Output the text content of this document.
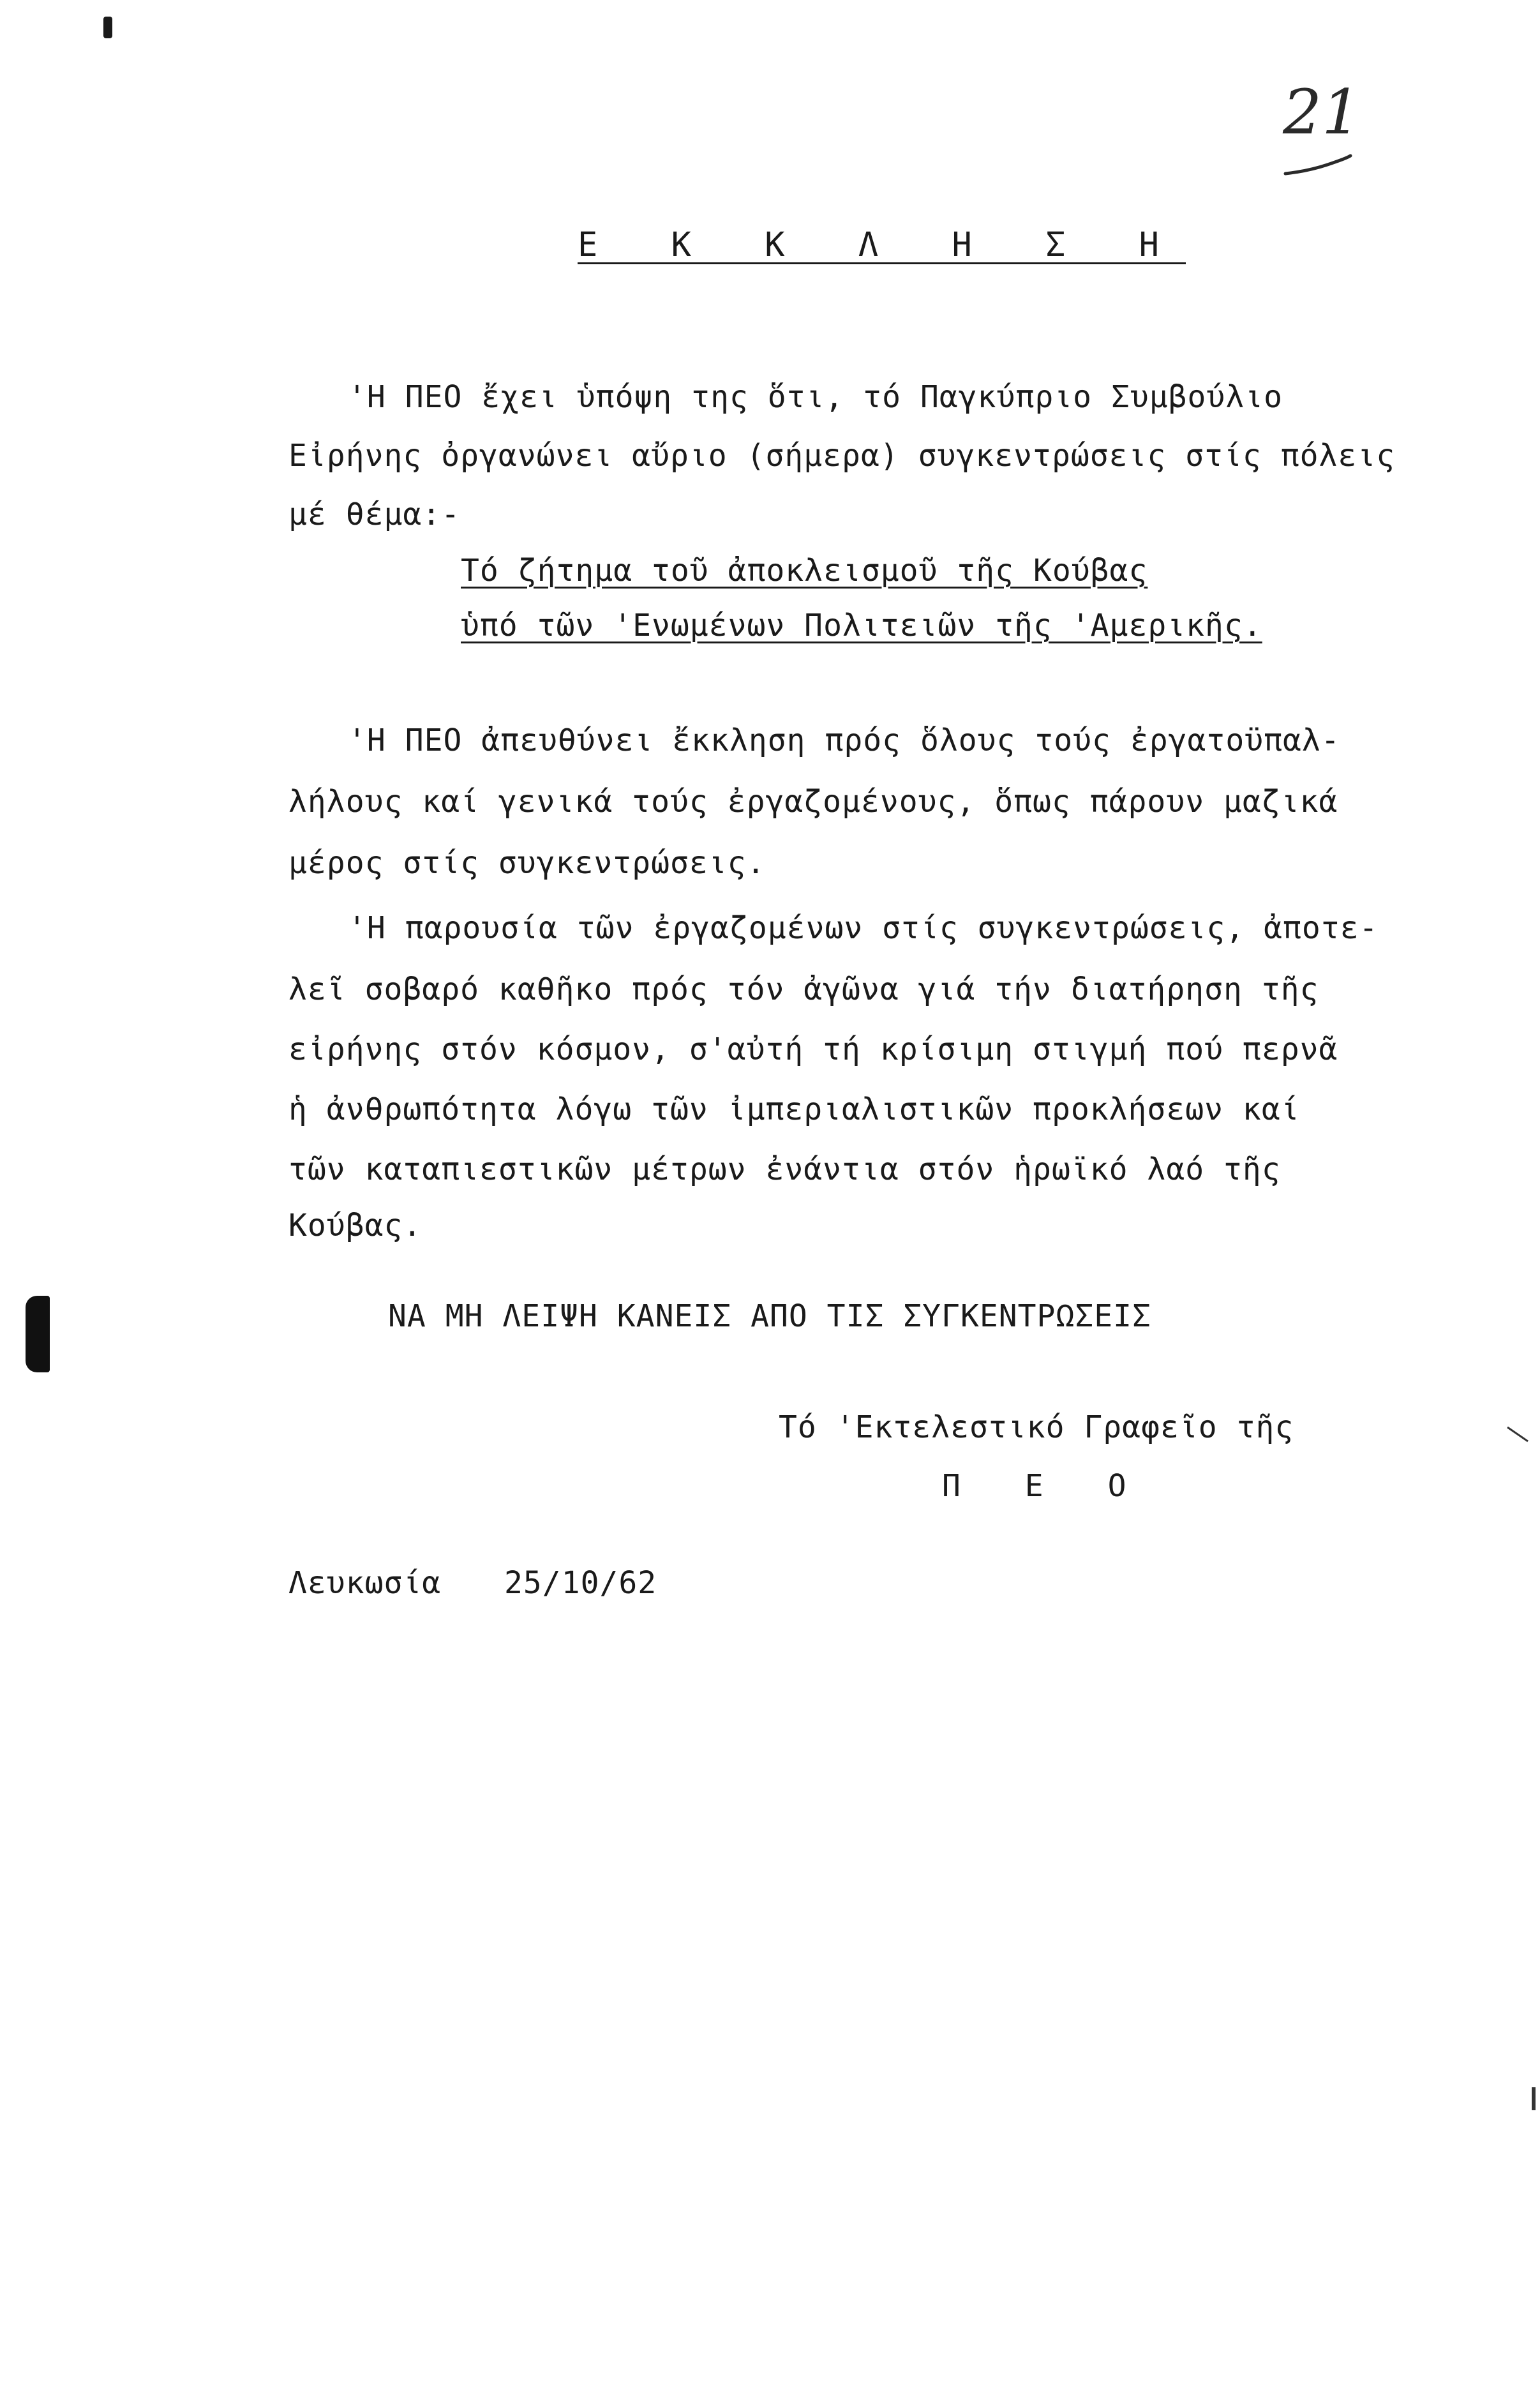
21
Ε Κ Κ Λ Η Σ Η
'Η ΠΕΟ ἔχει ὑπόψη της ὅτι, τό Παγκύπριο Συμβούλιο
Εἰρήνης ὀργανώνει αὔριο (σήμερα) συγκεντρώσεις στίς πόλεις
μέ θέμα:-
Τό ζήτημα τοῦ ἀποκλεισμοῦ τῆς Κούβας
ὑπό τῶν 'Ενωμένων Πολιτειῶν τῆς 'Αμερικῆς.
'Η ΠΕΟ ἀπευθύνει ἔκκληση πρός ὅλους τούς ἐργατοϋπαλ-
λήλους καί γενικά τούς ἐργαζομένους, ὅπως πάρουν μαζικά
μέρος στίς συγκεντρώσεις.
'Η παρουσία τῶν ἐργαζομένων στίς συγκεντρώσεις, ἀποτε-
λεῖ σοβαρό καθῆκο πρός τόν ἀγῶνα γιά τήν διατήρηση τῆς
εἰρήνης στόν κόσμον, σ'αὐτή τή κρίσιμη στιγμή πού περνᾶ
ἡ ἀνθρωπότητα λόγω τῶν ἰμπεριαλιστικῶν προκλήσεων καί
τῶν καταπιεστικῶν μέτρων ἐνάντια στόν ἡρωϊκό λαό τῆς
Κούβας.
ΝΑ ΜΗ ΛΕΙΨΗ ΚΑΝΕΙΣ ΑΠΟ ΤΙΣ ΣΥΓΚΕΝΤΡΩΣΕΙΣ
Τό 'Εκτελεστικό Γραφεῖο τῆς
Π Ε Ο
Λευκωσία 25/10/62
